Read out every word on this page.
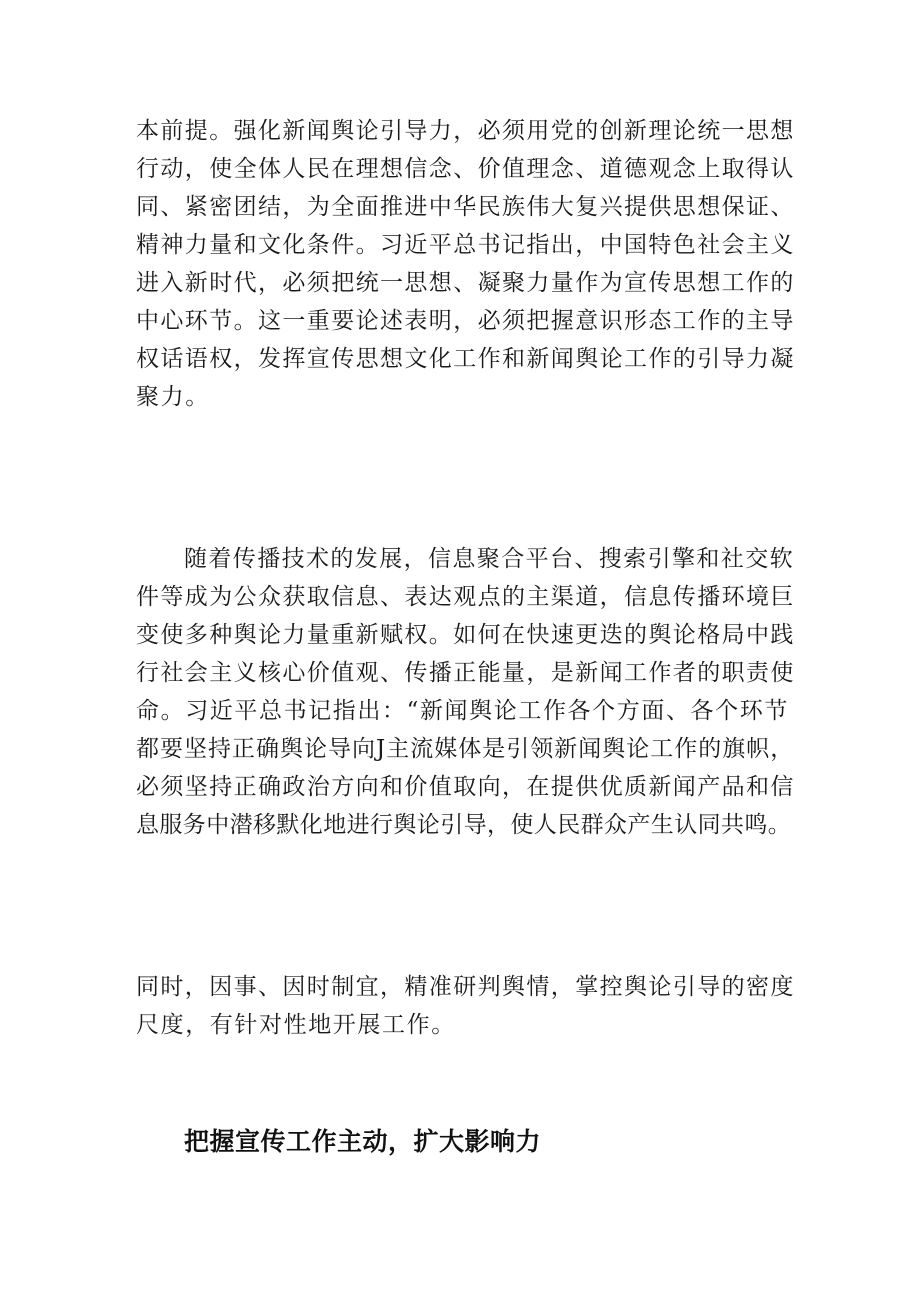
本前提。强化新闻舆论引导力，必须用党的创新理论统一思想
行动，使全体人民在理想信念、价值理念、道德观念上取得认
同、紧密团结，为全面推进中华民族伟大复兴提供思想保证、
精神力量和文化条件。习近平总书记指出，中国特色社会主义
进入新时代，必须把统一思想、凝聚力量作为宣传思想工作的
中心环节。这一重要论述表明，必须把握意识形态工作的主导
权话语权，发挥宣传思想文化工作和新闻舆论工作的引导力凝
聚力。
随着传播技术的发展，信息聚合平台、搜索引擎和社交软
件等成为公众获取信息、表达观点的主渠道，信息传播环境巨
变使多种舆论力量重新赋权。如何在快速更迭的舆论格局中践
行社会主义核心价值观、传播正能量，是新闻工作者的职责使
命。习近平总书记指出：“新闻舆论工作各个方面、各个环节
都要坚持正确舆论导向J主流媒体是引领新闻舆论工作的旗帜，
必须坚持正确政治方向和价值取向，在提供优质新闻产品和信
息服务中潜移默化地进行舆论引导，使人民群众产生认同共鸣。
同时，因事、因时制宜，精准研判舆情，掌控舆论引导的密度
尺度，有针对性地开展工作。
把握宣传工作主动，扩大影响力
